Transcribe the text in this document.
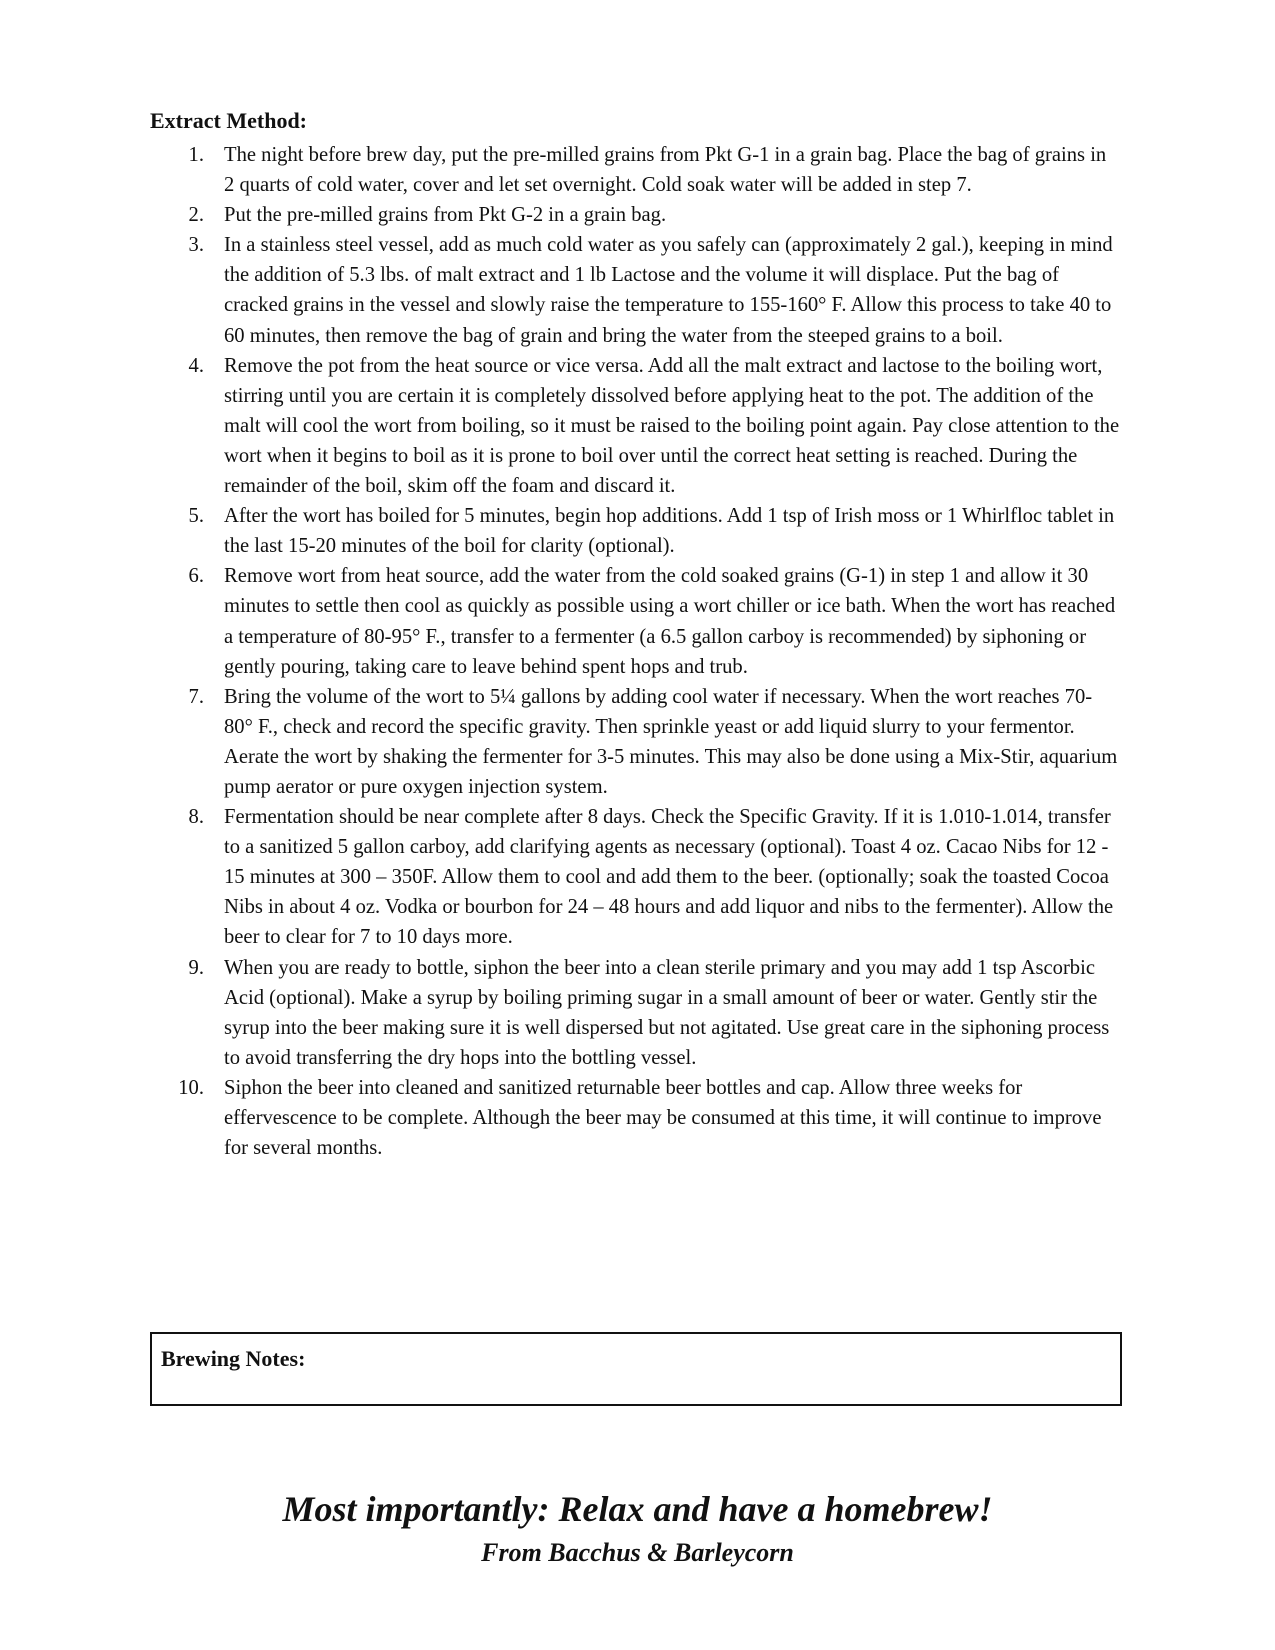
Extract Method:
1. The night before brew day, put the pre-milled grains from Pkt G-1 in a grain bag. Place the bag of grains in 2 quarts of cold water, cover and let set overnight. Cold soak water will be added in step 7.
2. Put the pre-milled grains from Pkt G-2 in a grain bag.
3. In a stainless steel vessel, add as much cold water as you safely can (approximately 2 gal.), keeping in mind the addition of 5.3 lbs. of malt extract and 1 lb Lactose and the volume it will displace. Put the bag of cracked grains in the vessel and slowly raise the temperature to 155-160° F. Allow this process to take 40 to 60 minutes, then remove the bag of grain and bring the water from the steeped grains to a boil.
4. Remove the pot from the heat source or vice versa. Add all the malt extract and lactose to the boiling wort, stirring until you are certain it is completely dissolved before applying heat to the pot. The addition of the malt will cool the wort from boiling, so it must be raised to the boiling point again. Pay close attention to the wort when it begins to boil as it is prone to boil over until the correct heat setting is reached. During the remainder of the boil, skim off the foam and discard it.
5. After the wort has boiled for 5 minutes, begin hop additions. Add 1 tsp of Irish moss or 1 Whirlfloc tablet in the last 15-20 minutes of the boil for clarity (optional).
6. Remove wort from heat source, add the water from the cold soaked grains (G-1) in step 1 and allow it 30 minutes to settle then cool as quickly as possible using a wort chiller or ice bath. When the wort has reached a temperature of 80-95° F., transfer to a fermenter (a 6.5 gallon carboy is recommended) by siphoning or gently pouring, taking care to leave behind spent hops and trub.
7. Bring the volume of the wort to 5¼ gallons by adding cool water if necessary. When the wort reaches 70-80° F., check and record the specific gravity. Then sprinkle yeast or add liquid slurry to your fermentor. Aerate the wort by shaking the fermenter for 3-5 minutes. This may also be done using a Mix-Stir, aquarium pump aerator or pure oxygen injection system.
8. Fermentation should be near complete after 8 days. Check the Specific Gravity. If it is 1.010-1.014, transfer to a sanitized 5 gallon carboy, add clarifying agents as necessary (optional). Toast 4 oz. Cacao Nibs for 12 - 15 minutes at 300 – 350F. Allow them to cool and add them to the beer. (optionally; soak the toasted Cocoa Nibs in about 4 oz. Vodka or bourbon for 24 – 48 hours and add liquor and nibs to the fermenter). Allow the beer to clear for 7 to 10 days more.
9. When you are ready to bottle, siphon the beer into a clean sterile primary and you may add 1 tsp Ascorbic Acid (optional). Make a syrup by boiling priming sugar in a small amount of beer or water. Gently stir the syrup into the beer making sure it is well dispersed but not agitated. Use great care in the siphoning process to avoid transferring the dry hops into the bottling vessel.
10. Siphon the beer into cleaned and sanitized returnable beer bottles and cap. Allow three weeks for effervescence to be complete. Although the beer may be consumed at this time, it will continue to improve for several months.
Brewing Notes:
Most importantly: Relax and have a homebrew!
From Bacchus & Barleycorn
